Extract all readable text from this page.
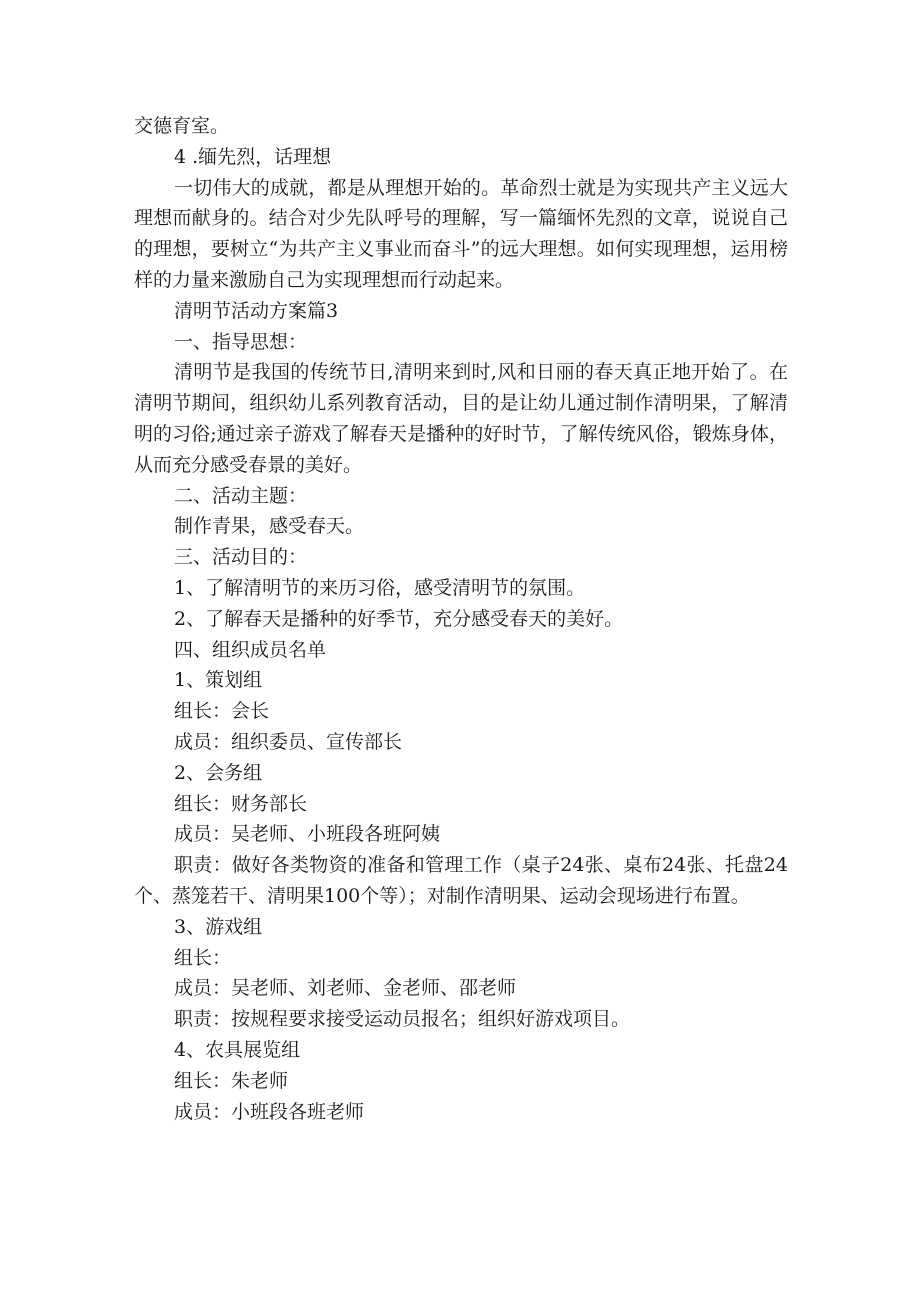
交德育室。

4 .缅先烈，话理想

一切伟大的成就，都是从理想开始的。革命烈士就是为实现共产主义远大理想而献身的。结合对少先队呼号的理解，写一篇缅怀先烈的文章，说说自己的理想，要树立“为共产主义事业而奋斗”的远大理想。如何实现理想，运用榜样的力量来激励自己为实现理想而行动起来。

清明节活动方案篇3

一、指导思想：

清明节是我国的传统节日,清明来到时,风和日丽的春天真正地开始了。在清明节期间，组织幼儿系列教育活动，目的是让幼儿通过制作清明果，了解清明的习俗;通过亲子游戏了解春天是播种的好时节，了解传统风俗，锻炼身体，从而充分感受春景的美好。

二、活动主题：

制作青果，感受春天。

三、活动目的：

1、了解清明节的来历习俗，感受清明节的氛围。

2、了解春天是播种的好季节，充分感受春天的美好。

四、组织成员名单

1、策划组

组长：会长

成员：组织委员、宣传部长

2、会务组

组长：财务部长

成员：吴老师、小班段各班阿姨

职责：做好各类物资的准备和管理工作（桌子24张、桌布24张、托盘24个、蒸笼若干、清明果100个等）；对制作清明果、运动会现场进行布置。

3、游戏组

组长：

成员：吴老师、刘老师、金老师、邵老师

职责：按规程要求接受运动员报名；组织好游戏项目。

4、农具展览组

组长：朱老师

成员：小班段各班老师
